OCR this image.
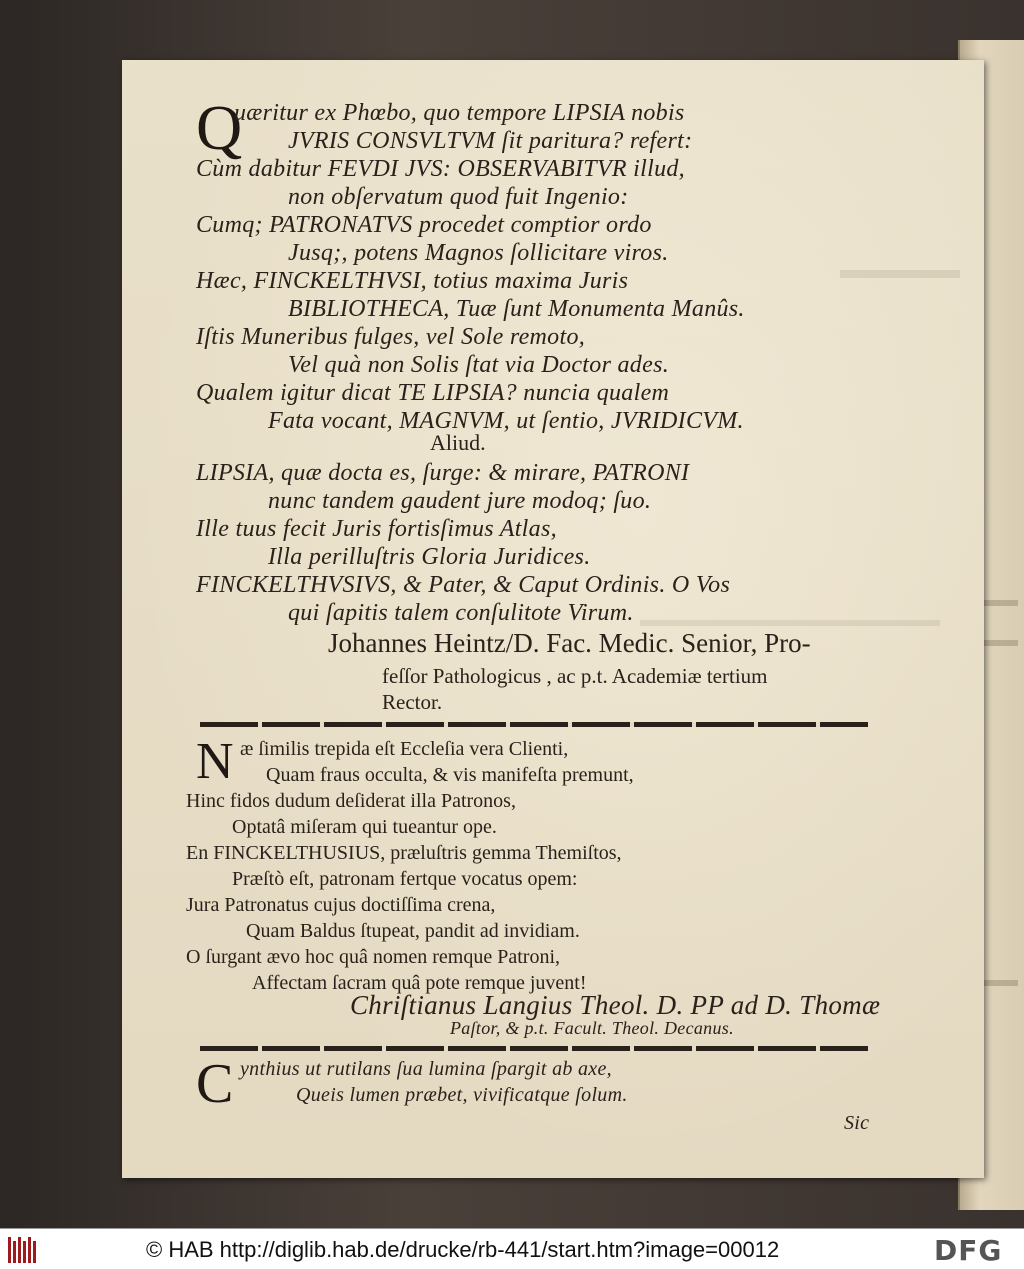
Q
uæritur ex Phœbo, quo tempore LIPSIA nobis
JVRIS CONSVLTVM ſit paritura? refert:
Cùm dabitur FEVDI JVS: OBSERVABITVR illud,
non obſervatum quod fuit Ingenio:
Cumq; PATRONATVS procedet comptior ordo
Jusq;, potens Magnos ſollicitare viros.
Hæc, FINCKELTHVSI, totius maxima Juris
BIBLIOTHECA, Tuæ ſunt Monumenta Manûs.
Iſtis Muneribus fulges, vel Sole remoto,
Vel quà non Solis ſtat via Doctor ades.
Qualem igitur dicat TE LIPSIA? nuncia qualem
Fata vocant, MAGNVM, ut ſentio, JVRIDICVM.
Aliud.
LIPSIA, quæ docta es, ſurge: & mirare, PATRONI
nunc tandem gaudent jure modoq; ſuo.
Ille tuus fecit Juris fortisſimus Atlas,
Illa perilluſtris Gloria Juridices.
FINCKELTHVSIVS, & Pater, & Caput Ordinis. O Vos
qui ſapitis talem conſulitote Virum.
Johannes Heintz/D. Fac. Medic. Senior, Pro-
feſſor Pathologicus , ac p.t. Academiæ tertium
Rector.
N æ ſimilis trepida eſt Eccleſia vera Clienti,
Quam fraus occulta, & vis manifeſta premunt,
Hinc fidos dudum deſiderat illa Patronos,
Optatâ miſeram qui tueantur ope.
En FINCKELTHUSIUS, præluſtris gemma Themiſtos,
Præſtò eſt, patronam fertque vocatus opem:
Jura Patronatus cujus doctiſſima crena,
Quam Baldus ſtupeat, pandit ad invidiam.
O ſurgant ævo hoc quâ nomen remque Patroni,
Affectam ſacram quâ pote remque juvent!
Chriſtianus Langius Theol. D. PP ad D. Thomæ
Paſtor, & p.t. Facult. Theol. Decanus.
C ynthius ut rutilans ſua lumina ſpargit ab axe,
Queis lumen præbet, vivificatque ſolum.
Sic
© HAB http://diglib.hab.de/drucke/rb-441/start.htm?image=00012	DFG
